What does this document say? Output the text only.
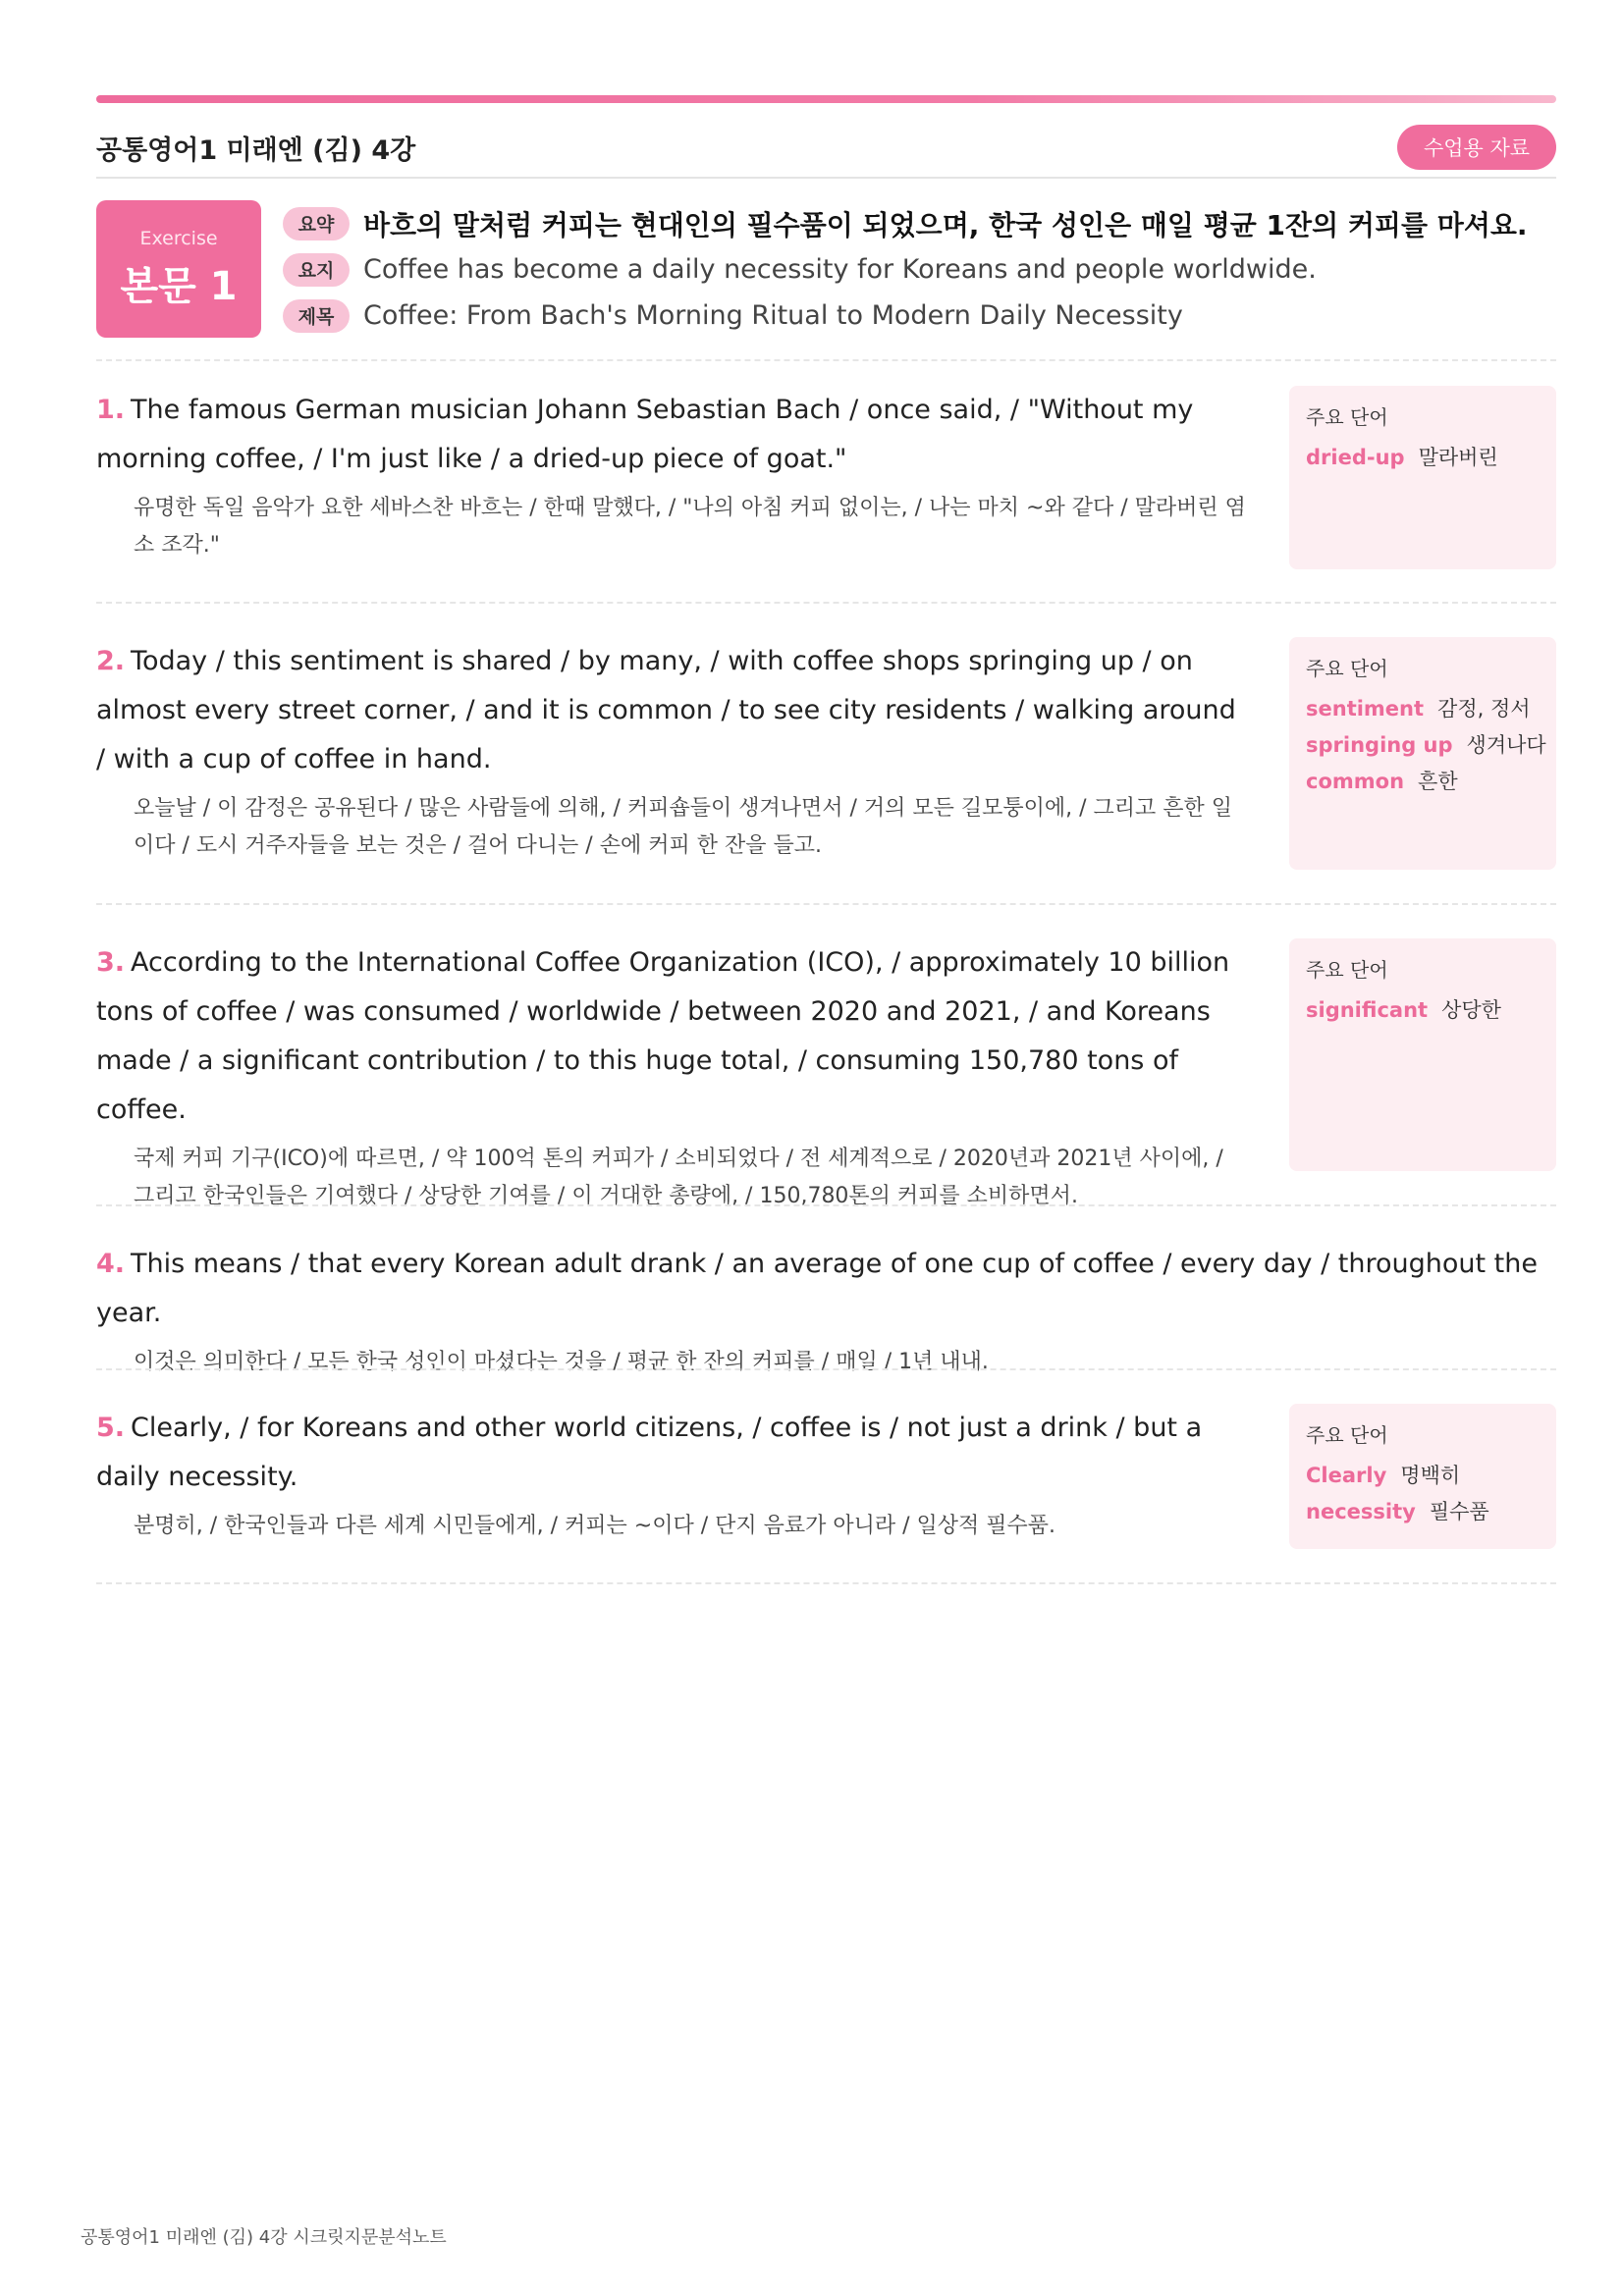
공통영어1 미래엔 (김) 4강	수업용 자료
Exercise
본문 1
요약	바흐의 말처럼 커피는 현대인의 필수품이 되었으며, 한국 성인은 매일 평균 1잔의 커피를 마셔요.
요지	Coffee has become a daily necessity for Koreans and people worldwide.
제목	Coffee: From Bach's Morning Ritual to Modern Daily Necessity
1. The famous German musician Johann Sebastian Bach / once said, / "Without my morning coffee, / I'm just like / a dried-up piece of goat."
유명한 독일 음악가 요한 세바스찬 바흐는 / 한때 말했다, / "나의 아침 커피 없이는, / 나는 마치 ~와 같다 / 말라버린 염소 조각."
주요 단어
dried-up 말라버린
2. Today / this sentiment is shared / by many, / with coffee shops springing up / on almost every street corner, / and it is common / to see city residents / walking around / with a cup of coffee in hand.
오늘날 / 이 감정은 공유된다 / 많은 사람들에 의해, / 커피숍들이 생겨나면서 / 거의 모든 길모퉁이에, / 그리고 흔한 일이다 / 도시 거주자들을 보는 것은 / 걸어 다니는 / 손에 커피 한 잔을 들고.
주요 단어
sentiment 감정, 정서
springing up 생겨나다
common 흔한
3. According to the International Coffee Organization (ICO), / approximately 10 billion tons of coffee / was consumed / worldwide / between 2020 and 2021, / and Koreans made / a significant contribution / to this huge total, / consuming 150,780 tons of coffee.
국제 커피 기구(ICO)에 따르면, / 약 100억 톤의 커피가 / 소비되었다 / 전 세계적으로 / 2020년과 2021년 사이에, / 그리고 한국인들은 기여했다 / 상당한 기여를 / 이 거대한 총량에, / 150,780톤의 커피를 소비하면서.
주요 단어
significant 상당한
4. This means / that every Korean adult drank / an average of one cup of coffee / every day / throughout the year.
이것은 의미한다 / 모든 한국 성인이 마셨다는 것을 / 평균 한 잔의 커피를 / 매일 / 1년 내내.
5. Clearly, / for Koreans and other world citizens, / coffee is / not just a drink / but a daily necessity.
분명히, / 한국인들과 다른 세계 시민들에게, / 커피는 ~이다 / 단지 음료가 아니라 / 일상적 필수품.
주요 단어
Clearly 명백히
necessity 필수품
공통영어1 미래엔 (김) 4강 시크릿지문분석노트
